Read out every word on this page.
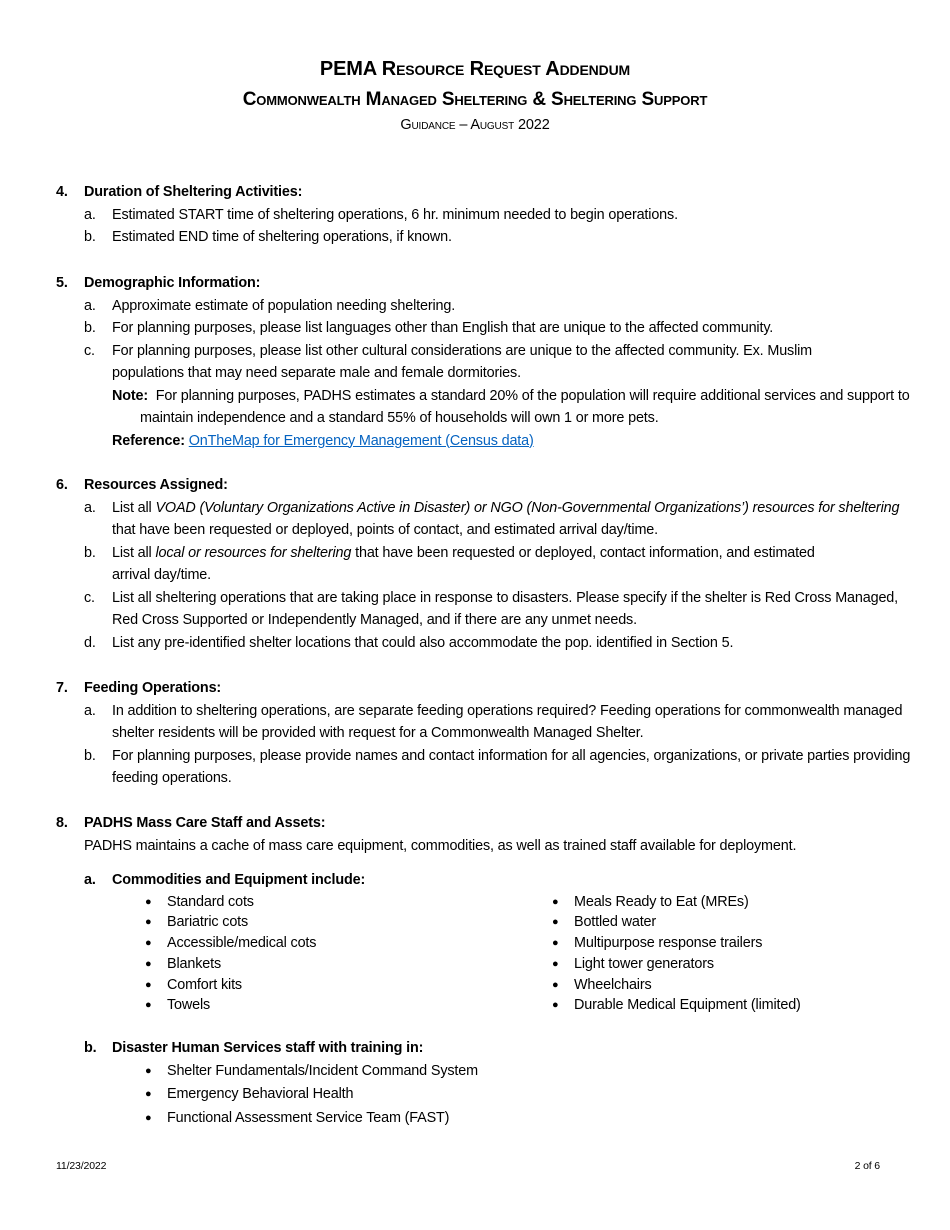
PEMA Resource Request Addendum
Commonwealth Managed Sheltering & Sheltering Support
Guidance – August 2022
4.	Duration of Sheltering Activities:
a.	Estimated START time of sheltering operations, 6 hr. minimum needed to begin operations.
b.	Estimated END time of sheltering operations, if known.
5.	Demographic Information:
a.	Approximate estimate of population needing sheltering.
b.	For planning purposes, please list languages other than English that are unique to the affected community.
c.	For planning purposes, please list other cultural considerations are unique to the affected community. Ex. Muslim populations that may need separate male and female dormitories.
Note: For planning purposes, PADHS estimates a standard 20% of the population will require additional services and support to maintain independence and a standard 55% of households will own 1 or more pets.
Reference: OnTheMap for Emergency Management (Census data)
6.	Resources Assigned:
a.	List all VOAD (Voluntary Organizations Active in Disaster) or NGO (Non-Governmental Organizations’) resources for sheltering that have been requested or deployed, points of contact, and estimated arrival day/time.
b.	List all local or resources for sheltering that have been requested or deployed, contact information, and estimated arrival day/time.
c.	List all sheltering operations that are taking place in response to disasters. Please specify if the shelter is Red Cross Managed, Red Cross Supported or Independently Managed, and if there are any unmet needs.
d.	List any pre-identified shelter locations that could also accommodate the pop. identified in Section 5.
7.	Feeding Operations:
a.	In addition to sheltering operations, are separate feeding operations required? Feeding operations for commonwealth managed shelter residents will be provided with request for a Commonwealth Managed Shelter.
b.	For planning purposes, please provide names and contact information for all agencies, organizations, or private parties providing feeding operations.
8.	PADHS Mass Care Staff and Assets:
PADHS maintains a cache of mass care equipment, commodities, as well as trained staff available for deployment.
a.	Commodities and Equipment include:
●	Standard cots
●	Bariatric cots
●	Accessible/medical cots
●	Blankets
●	Comfort kits
●	Towels
●	Meals Ready to Eat (MREs)
●	Bottled water
●	Multipurpose response trailers
●	Light tower generators
●	Wheelchairs
●	Durable Medical Equipment (limited)
b.	Disaster Human Services staff with training in:
●	Shelter Fundamentals/Incident Command System
●	Emergency Behavioral Health
●	Functional Assessment Service Team (FAST)
11/23/2022	2 of 6
